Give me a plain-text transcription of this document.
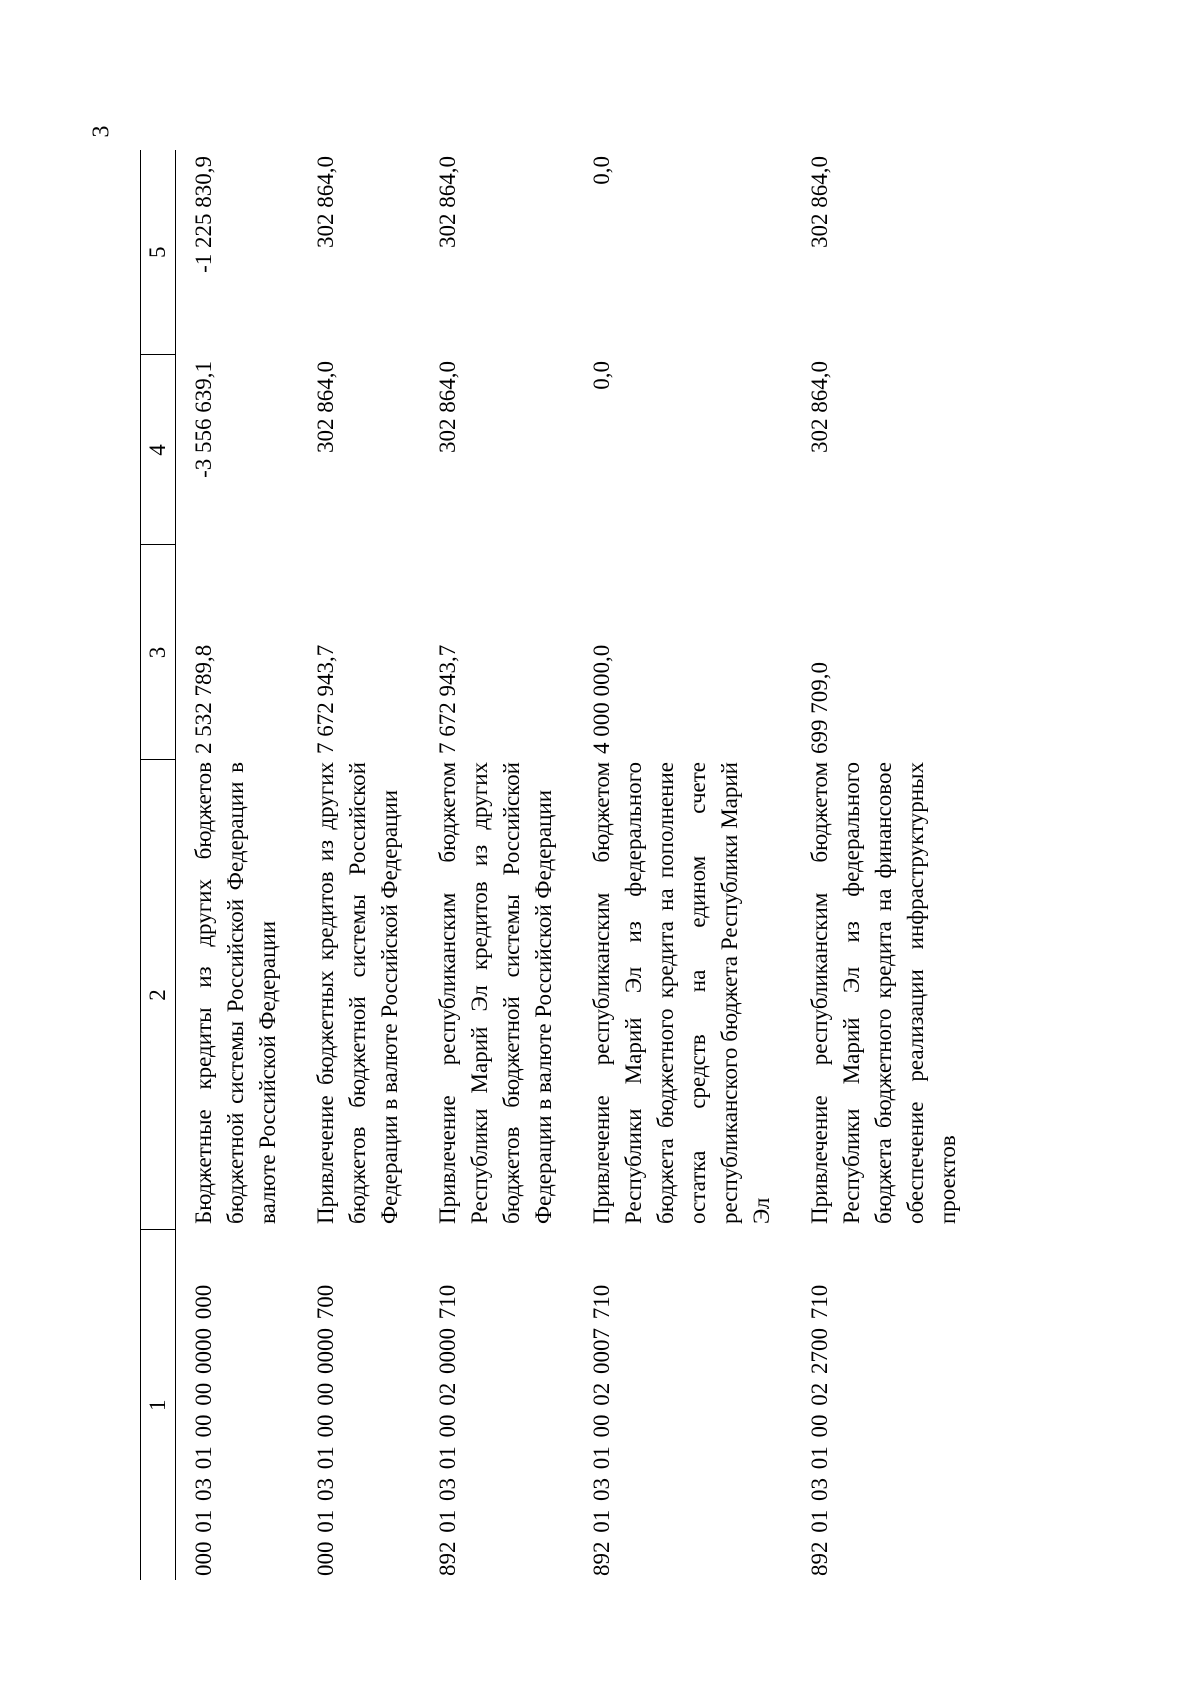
3
1	2	3	4	5
000 01 03 01 00 00 0000 000	Бюджетные кредиты из других бюджетов бюджетной системы Российской Федерации в валюте Российской Федерации	2 532 789,8	-3 556 639,1	-1 225 830,9
000 01 03 01 00 00 0000 700	Привлечение бюджетных кредитов из других бюджетов бюджетной системы Российской Федерации в валюте Российской Федерации	7 672 943,7	302 864,0	302 864,0
892 01 03 01 00 02 0000 710	Привлечение республиканским бюджетом Республики Марий Эл кредитов из других бюджетов бюджетной системы Российской Федерации в валюте Российской Федерации	7 672 943,7	302 864,0	302 864,0
892 01 03 01 00 02 0007 710	Привлечение республиканским бюджетом Республики Марий Эл из федерального бюджета бюджетного кредита на пополнение остатка средств на едином счете республиканского бюджета Республики Марий Эл	4 000 000,0	0,0	0,0
892 01 03 01 00 02 2700 710	Привлечение республиканским бюджетом Республики Марий Эл из федерального бюджета бюджетного кредита на финансовое обеспечение реализации инфраструктурных проектов	699 709,0	302 864,0	302 864,0
